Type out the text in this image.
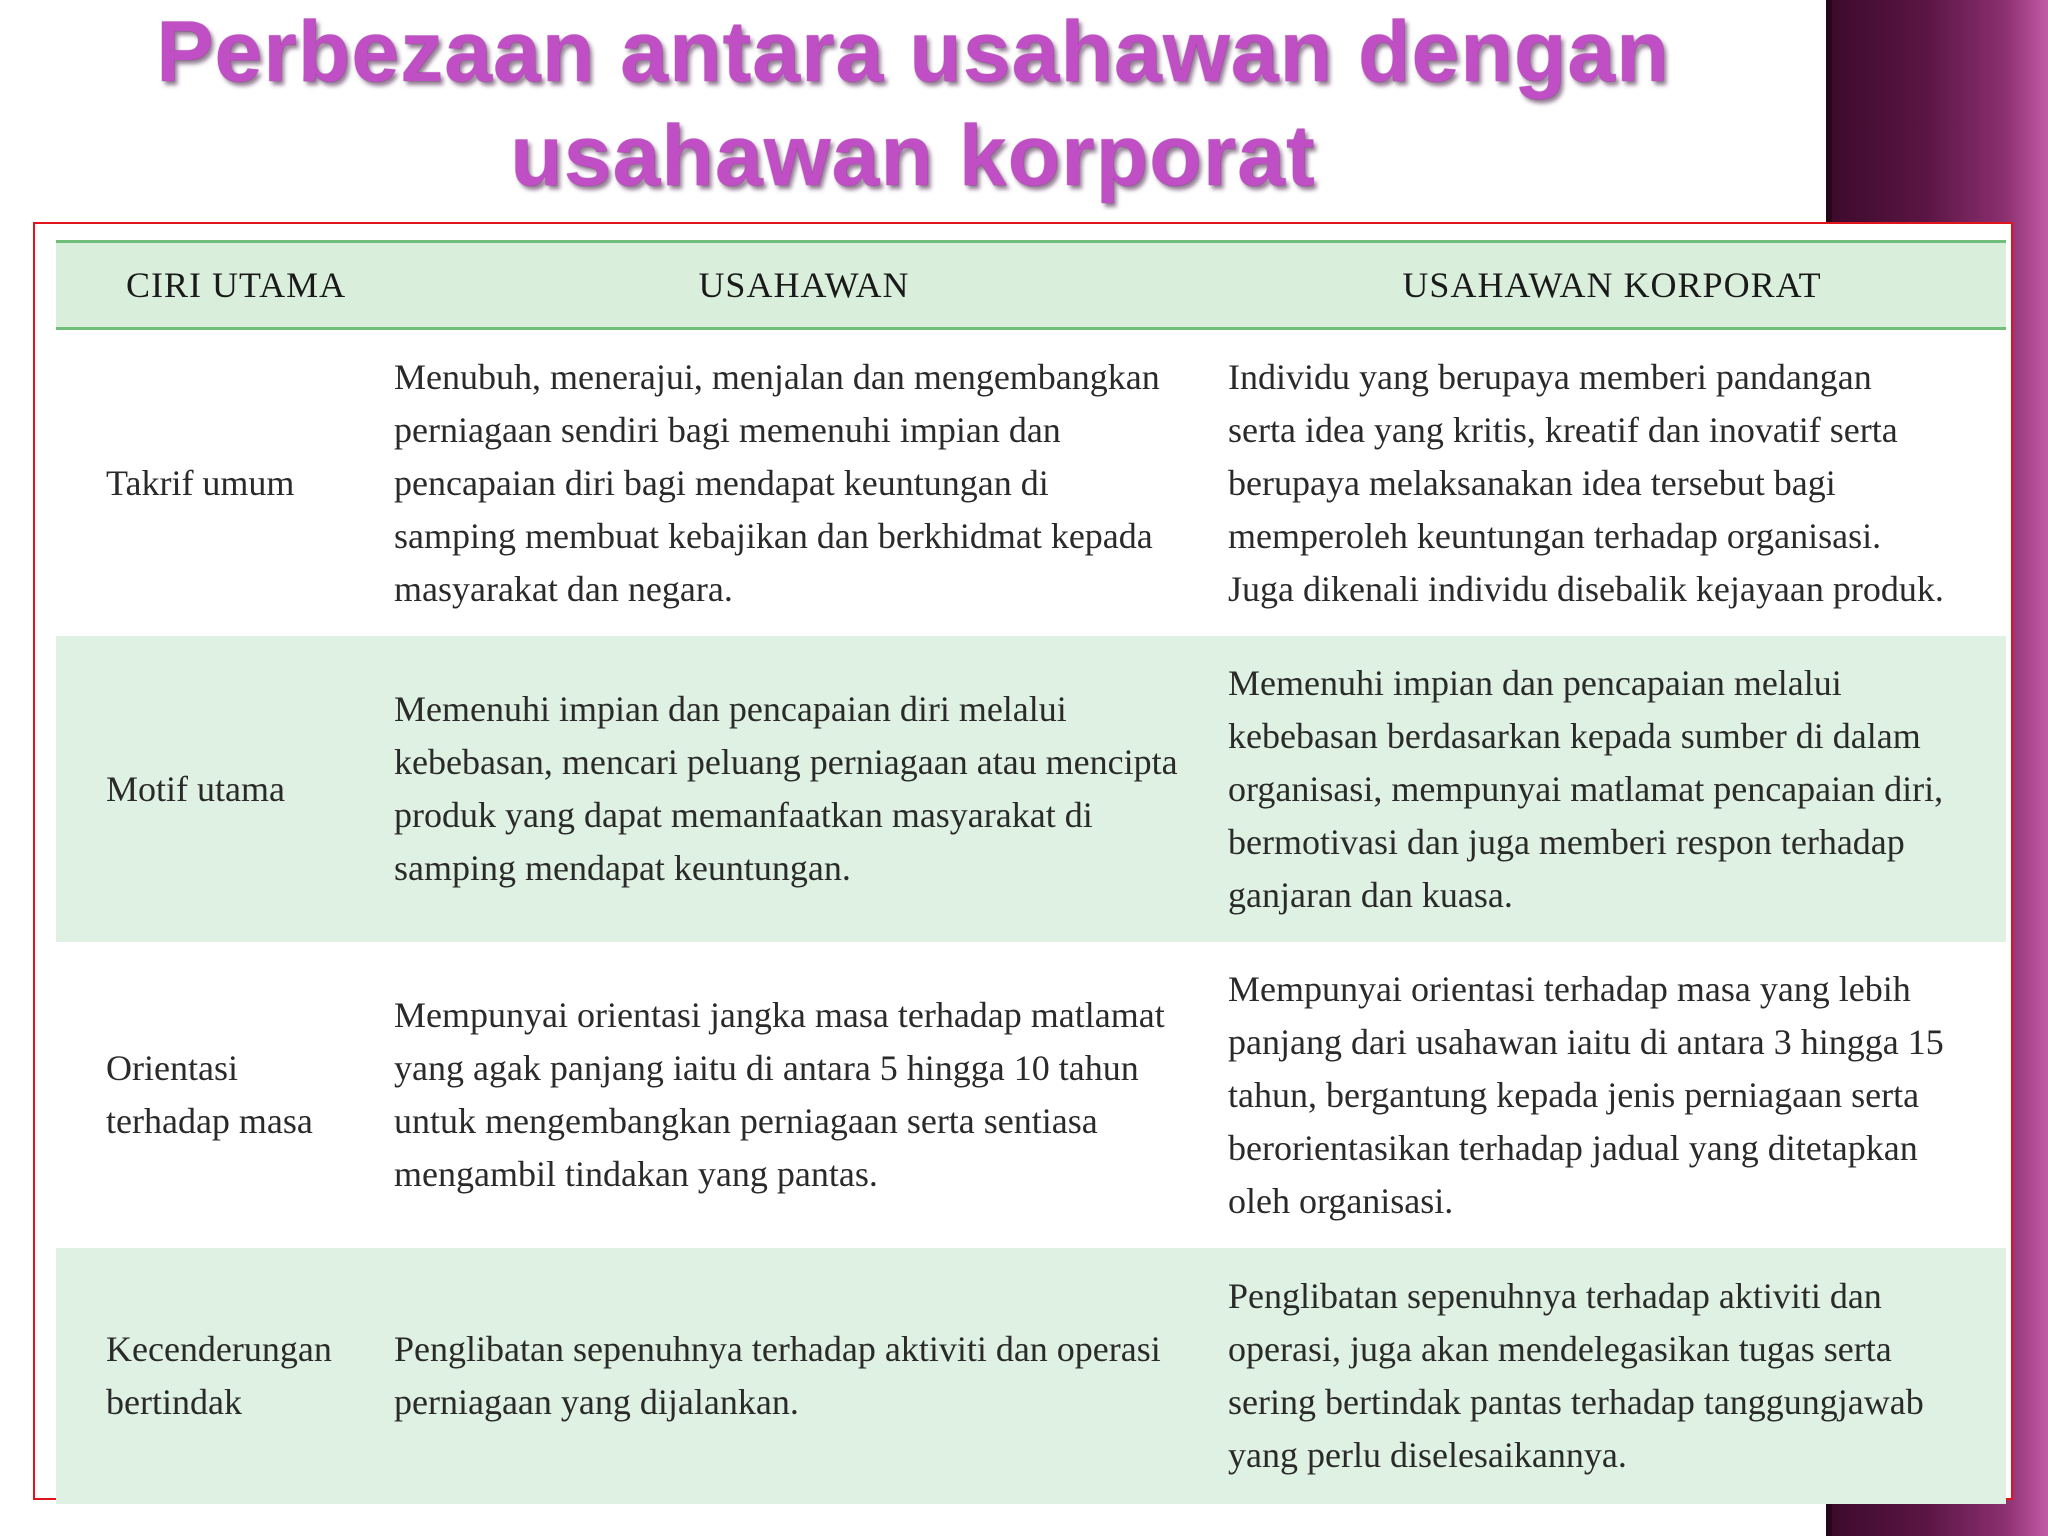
Perbezaan antara usahawan dengan
usahawan korporat
CIRI UTAMA	USAHAWAN	USAHAWAN KORPORAT
Takrif umum
Menubuh, menerajui, menjalan dan mengembangkan
perniagaan sendiri bagi memenuhi impian dan
pencapaian diri bagi mendapat keuntungan di
samping membuat kebajikan dan berkhidmat kepada
masyarakat dan negara.
Individu yang berupaya memberi pandangan
serta idea yang kritis, kreatif dan inovatif serta
berupaya melaksanakan idea tersebut bagi
memperoleh keuntungan terhadap organisasi.
Juga dikenali individu disebalik kejayaan produk.
Motif utama
Memenuhi impian dan pencapaian diri melalui
kebebasan, mencari peluang perniagaan atau mencipta
produk yang dapat memanfaatkan masyarakat di
samping mendapat keuntungan.
Memenuhi impian dan pencapaian melalui
kebebasan berdasarkan kepada sumber di dalam
organisasi, mempunyai matlamat pencapaian diri,
bermotivasi dan juga memberi respon terhadap
ganjaran dan kuasa.
Orientasi
terhadap masa
Mempunyai orientasi jangka masa terhadap matlamat
yang agak panjang iaitu di antara 5 hingga 10 tahun
untuk mengembangkan perniagaan serta sentiasa
mengambil tindakan yang pantas.
Mempunyai orientasi terhadap masa yang lebih
panjang dari usahawan iaitu di antara 3 hingga 15
tahun, bergantung kepada jenis perniagaan serta
berorientasikan terhadap jadual yang ditetapkan
oleh organisasi.
Kecenderungan
bertindak
Penglibatan sepenuhnya terhadap aktiviti dan operasi
perniagaan yang dijalankan.
Penglibatan sepenuhnya terhadap aktiviti dan
operasi, juga akan mendelegasikan tugas serta
sering bertindak pantas terhadap tanggungjawab
yang perlu diselesaikannya.
